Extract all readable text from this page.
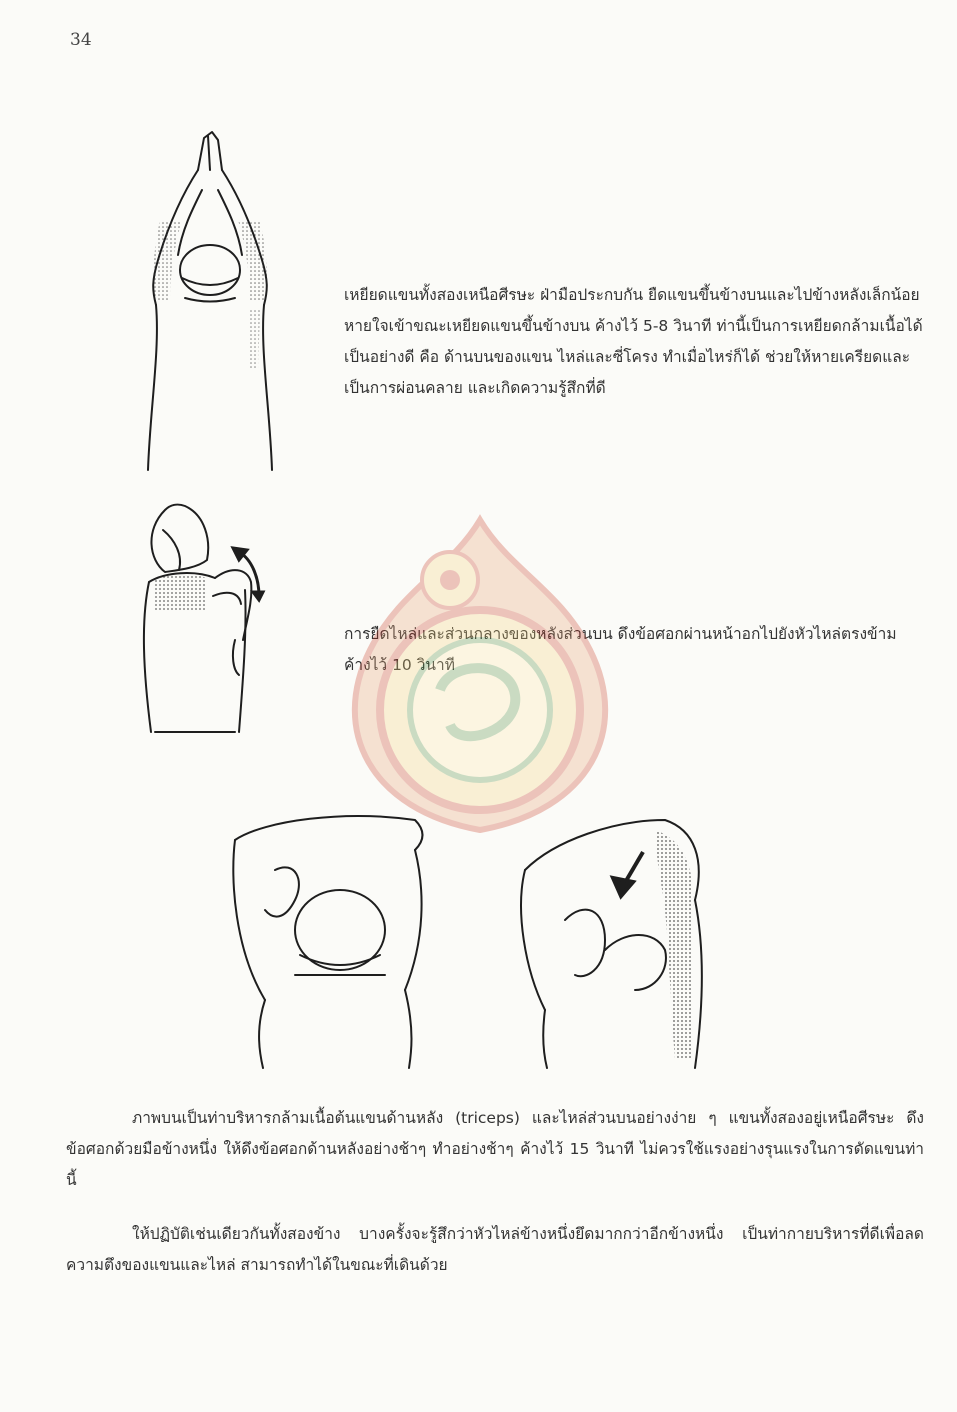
34

เหยียดแขนทั้งสองเหนือศีรษะ ฝ่ามือประกบกัน ยืดแขนขึ้นข้างบนและไปข้างหลังเล็กน้อย หายใจเข้าขณะเหยียดแขนขึ้นข้างบน ค้างไว้ 5-8 วินาที ท่านี้เป็นการเหยียดกล้ามเนื้อได้เป็นอย่างดี คือ ด้านบนของแขน ไหล่และซี่โครง ทำเมื่อไหร่ก็ได้ ช่วยให้หายเครียดและเป็นการผ่อนคลาย และเกิดความรู้สึกที่ดี

การยืดไหล่และส่วนกลางของหลังส่วนบน ดึงข้อศอกผ่านหน้าอกไปยังหัวไหล่ตรงข้าม ค้างไว้ 10 วินาที

ภาพบนเป็นท่าบริหารกล้ามเนื้อต้นแขนด้านหลัง (triceps) และไหล่ส่วนบนอย่างง่าย ๆ แขนทั้งสองอยู่เหนือศีรษะ ดึงข้อศอกด้วยมือข้างหนึ่ง ให้ดึงข้อศอกด้านหลังอย่างช้าๆ ทำอย่างช้าๆ ค้างไว้ 15 วินาที ไม่ควรใช้แรงอย่างรุนแรงในการดัดแขนท่านี้

ให้ปฏิบัติเช่นเดียวกันทั้งสองข้าง บางครั้งจะรู้สึกว่าหัวไหล่ข้างหนึ่งยึดมากกว่าอีกข้างหนึ่ง เป็นท่ากายบริหารที่ดีเพื่อลดความตึงของแขนและไหล่ สามารถทำได้ในขณะที่เดินด้วย
